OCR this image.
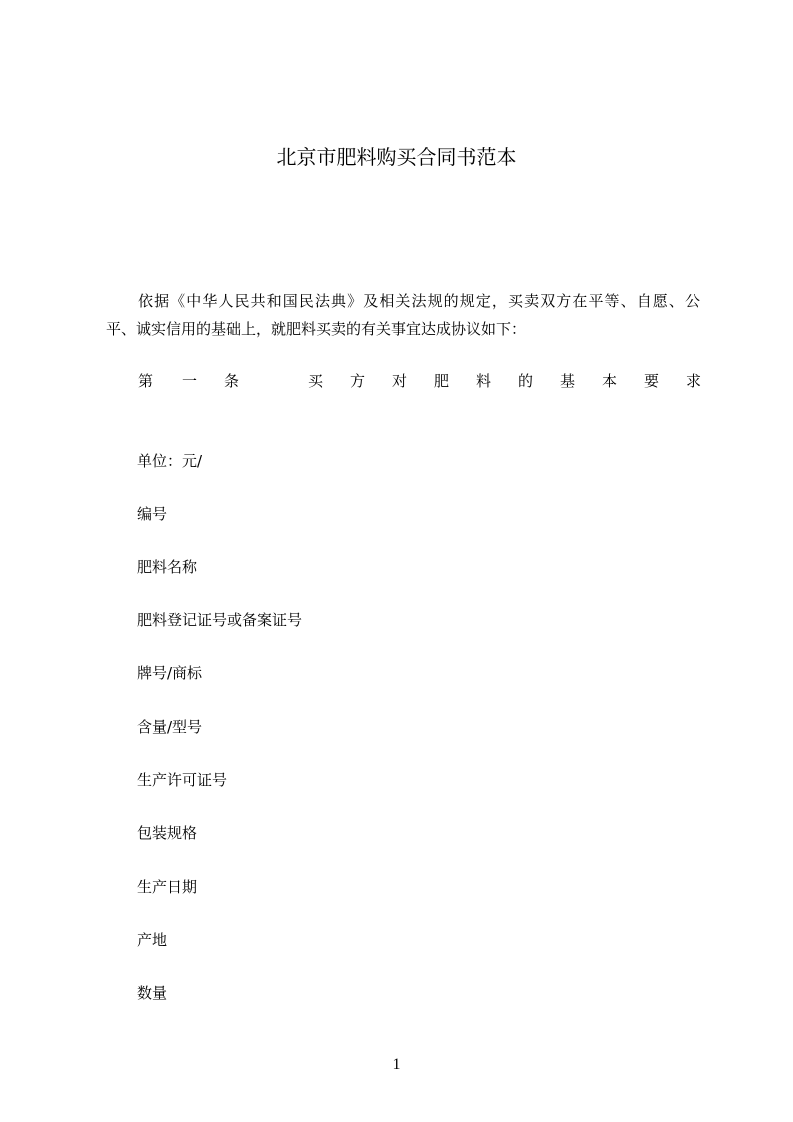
北京市肥料购买合同书范本
依据《中华人民共和国民法典》及相关法规的规定，买卖双方在平等、自愿、公
平、诚实信用的基础上，就肥料买卖的有关事宜达成协议如下：
第 一 条	买 方 对 肥 料 的 基 本 要 求
单位：元/
编号
肥料名称
肥料登记证号或备案证号
牌号/商标
含量/型号
生产许可证号
包装规格
生产日期
产地
数量
1
